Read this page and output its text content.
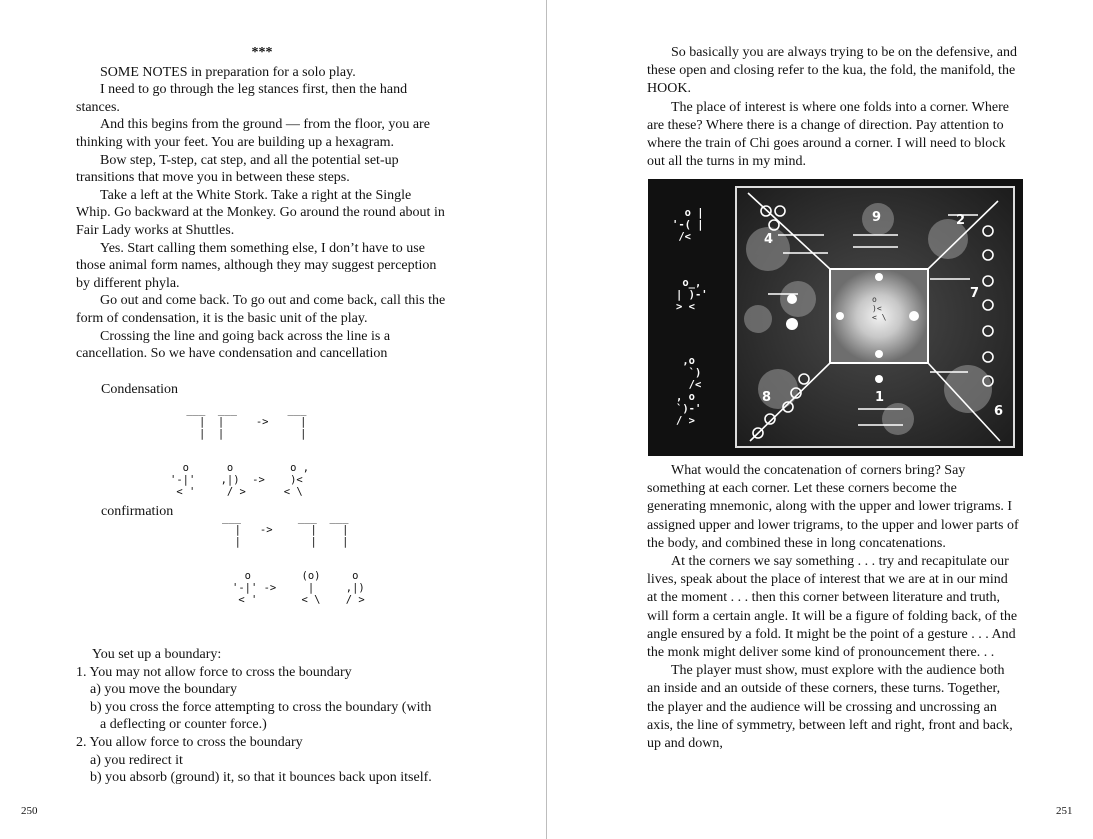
***

SOME NOTES in preparation for a solo play.

I need to go through the leg stances first, then the hand stances.

And this begins from the ground — from the floor, you are thinking with your feet. You are building up a hexagram.

Bow step, T-step, cat step, and all the potential set-up transitions that move you in between these steps.

Take a left at the White Stork. Take a right at the Single Whip. Go backward at the Monkey. Go around the round about in Fair Lady works at Shuttles.

Yes. Start calling them something else, I don’t have to use those animal form names, although they may suggest perception by different phyla.

Go out and come back. To go out and come back, call this the form of condensation, it is the basic unit of the play.

Crossing the line and going back across the line is a cancellation. So we have condensation and cancellation

Condensation
___  ___        ___
|  |     ->     |
|  |            |
o      o         o ,
'-|'    ,|)  ->    )<
< '     / >      < \
confirmation	___         ___  ___
|   ->      |    |
|           |    |
o        (o)     o
'-|' ->     |     ,|)
< '       < \    / >

You set up a boundary:

1. You may not allow force to cross the boundary

a) you move the boundary

b) you cross the force attempting to cross the boundary (with

a deflecting or counter force.)

2. You allow force to cross the boundary

a) you redirect it

b) you absorb (ground) it, so that it bounces back upon itself.

250

So basically you are always trying to be on the defensive, and these open and closing refer to the kua, the fold, the manifold, the HOOK.

The place of interest is where one folds into a corner. Where are these? Where there is a change of direction. Pay attention to where the train of Chi goes around a corner. I will need to block out all the turns in my mind.

9	2
4
7
8	1
6
o |
'-( |
/<
o_,
| )-'
> <
,o
`)
/<
, o
`)-'
/ >
o
)<
< \

What would the concatenation of corners bring? Say something at each corner. Let these corners become the generating mnemonic, along with the upper and lower trigrams. I assigned upper and lower trigrams, to the upper and lower parts of the body, and combined these in long concatenations.

At the corners we say something . . . try and recapitulate our lives, speak about the place of interest that we are at in our mind at the moment . . . then this corner between literature and truth, will form a certain angle. It will be a figure of folding back, of the angle ensured by a fold. It might be the point of a gesture . . . And the monk might deliver some kind of pronouncement there. . .

The player must show, must explore with the audience both an inside and an outside of these corners, these turns. Together, the player and the audience will be crossing and uncrossing an axis, the line of symmetry, between left and right, front and back, up and down,

251
